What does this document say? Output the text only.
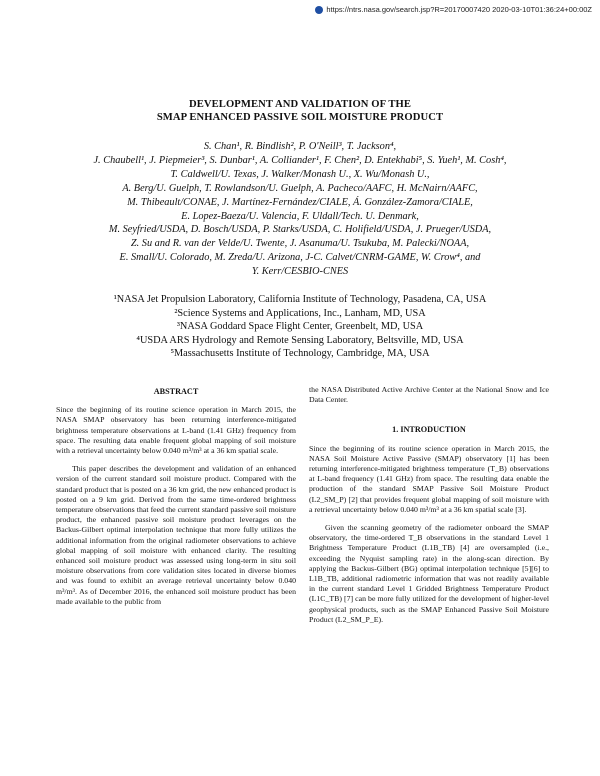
https://ntrs.nasa.gov/search.jsp?R=20170007420 2020-03-10T01:36:24+00:00Z
DEVELOPMENT AND VALIDATION OF THE
SMAP ENHANCED PASSIVE SOIL MOISTURE PRODUCT
S. Chan¹, R. Bindlish², P. O'Neill³, T. Jackson⁴,
J. Chaubell¹, J. Piepmeier³, S. Dunbar¹, A. Colliander¹, F. Chen², D. Entekhabi⁵, S. Yueh¹, M. Cosh⁴,
T. Caldwell/U. Texas, J. Walker/Monash U., X. Wu/Monash U.,
A. Berg/U. Guelph, T. Rowlandson/U. Guelph, A. Pacheco/AAFC, H. McNairn/AAFC,
M. Thibeault/CONAE, J. Martínez-Fernández/CIALE, Á. González-Zamora/CIALE,
E. Lopez-Baeza/U. Valencia, F. Uldall/Tech. U. Denmark,
M. Seyfried/USDA, D. Bosch/USDA, P. Starks/USDA, C. Holifield/USDA, J. Prueger/USDA,
Z. Su and R. van der Velde/U. Twente, J. Asanuma/U. Tsukuba, M. Palecki/NOAA,
E. Small/U. Colorado, M. Zreda/U. Arizona, J-C. Calvet/CNRM-GAME, W. Crow⁴, and
Y. Kerr/CESBIO-CNES
¹NASA Jet Propulsion Laboratory, California Institute of Technology, Pasadena, CA, USA
²Science Systems and Applications, Inc., Lanham, MD, USA
³NASA Goddard Space Flight Center, Greenbelt, MD, USA
⁴USDA ARS Hydrology and Remote Sensing Laboratory, Beltsville, MD, USA
⁵Massachusetts Institute of Technology, Cambridge, MA, USA
ABSTRACT

Since the beginning of its routine science operation in March 2015, the NASA SMAP observatory has been returning interference-mitigated brightness temperature observations at L-band (1.41 GHz) frequency from space. The resulting data enable frequent global mapping of soil moisture with a retrieval uncertainty below 0.040 m³/m³ at a 36 km spatial scale.

This paper describes the development and validation of an enhanced version of the current standard soil moisture product. Compared with the standard product that is posted on a 36 km grid, the new enhanced product is posted on a 9 km grid. Derived from the same time-ordered brightness temperature observations that feed the current standard passive soil moisture product, the enhanced passive soil moisture product leverages on the Backus-Gilbert optimal interpolation technique that more fully utilizes the additional information from the original radiometer observations to achieve global mapping of soil moisture with enhanced clarity. The resulting enhanced soil moisture product was assessed using long-term in situ soil moisture observations from core validation sites located in diverse biomes and was found to exhibit an average retrieval uncertainty below 0.040 m³/m³. As of December 2016, the enhanced soil moisture product has been made available to the public from

the NASA Distributed Active Archive Center at the National Snow and Ice Data Center.

1. INTRODUCTION

Since the beginning of its routine science operation in March 2015, the NASA Soil Moisture Active Passive (SMAP) observatory [1] has been returning interference-mitigated brightness temperature (T_B) observations at L-band frequency (1.41 GHz) from space. The resulting data enable the production of the standard SMAP Passive Soil Moisture Product (L2_SM_P) [2] that provides frequent global mapping of soil moisture with a retrieval uncertainty below 0.040 m³/m³ at a 36 km spatial scale [3].

Given the scanning geometry of the radiometer onboard the SMAP observatory, the time-ordered T_B observations in the standard Level 1 Brightness Temperature Product (L1B_TB) [4] are oversampled (i.e., exceeding the Nyquist sampling rate) in the along-scan direction. By applying the Backus-Gilbert (BG) optimal interpolation technique [5][6] to L1B_TB, additional radiometric information that was not readily available in the current standard Level 1 Gridded Brightness Temperature Product (L1C_TB) [7] can be more fully utilized for the development of higher-level geophysical products, such as the SMAP Enhanced Passive Soil Moisture Product (L2_SM_P_E).
